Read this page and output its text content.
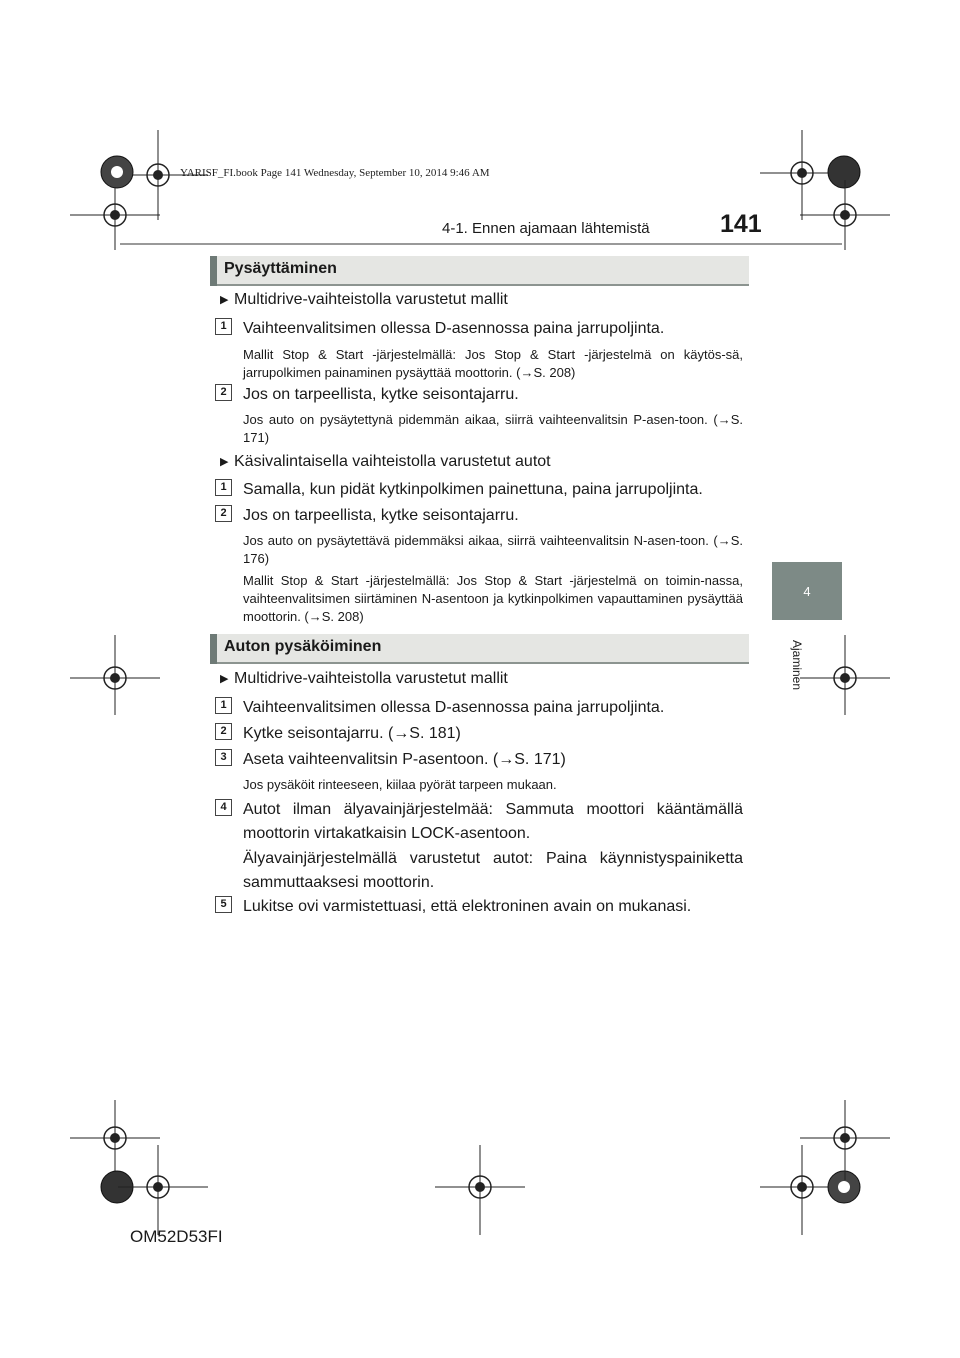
YARISF_FI.book Page 141 Wednesday, September 10, 2014 9:46 AM
4-1. Ennen ajamaan lähtemistä	141
4
Ajaminen
Pysäyttäminen
▶ Multidrive-vaihteistolla varustetut mallit
1	Vaihteenvalitsimen ollessa D-asennossa paina jarrupoljinta.
Mallit Stop & Start -järjestelmällä: Jos Stop & Start -järjestelmä on käytös-sä, jarrupolkimen painaminen pysäyttää moottorin. (→S. 208)
2	Jos on tarpeellista, kytke seisontajarru.
Jos auto on pysäytettynä pidemmän aikaa, siirrä vaihteenvalitsin P-asen-toon. (→S. 171)
▶ Käsivalintaisella vaihteistolla varustetut autot
1	Samalla, kun pidät kytkinpolkimen painettuna, paina jarrupoljinta.
2	Jos on tarpeellista, kytke seisontajarru.
Jos auto on pysäytettävä pidemmäksi aikaa, siirrä vaihteenvalitsin N-asen-toon. (→S. 176)
Mallit Stop & Start -järjestelmällä: Jos Stop & Start -järjestelmä on toimin-nassa, vaihteenvalitsimen siirtäminen N-asentoon ja kytkinpolkimen vapauttaminen pysäyttää moottorin. (→S. 208)
Auton pysäköiminen
▶ Multidrive-vaihteistolla varustetut mallit
1	Vaihteenvalitsimen ollessa D-asennossa paina jarrupoljinta.
2	Kytke seisontajarru. (→S. 181)
3	Aseta vaihteenvalitsin P-asentoon. (→S. 171)
Jos pysäköit rinteeseen, kiilaa pyörät tarpeen mukaan.
4	Autot ilman älyavainjärjestelmää: Sammuta moottori kääntämällä moottorin virtakatkaisin LOCK-asentoon.
Älyavainjärjestelmällä varustetut autot: Paina käynnistyspainiketta sammuttaaksesi moottorin.
5	Lukitse ovi varmistettuasi, että elektroninen avain on mukanasi.
OM52D53FI
